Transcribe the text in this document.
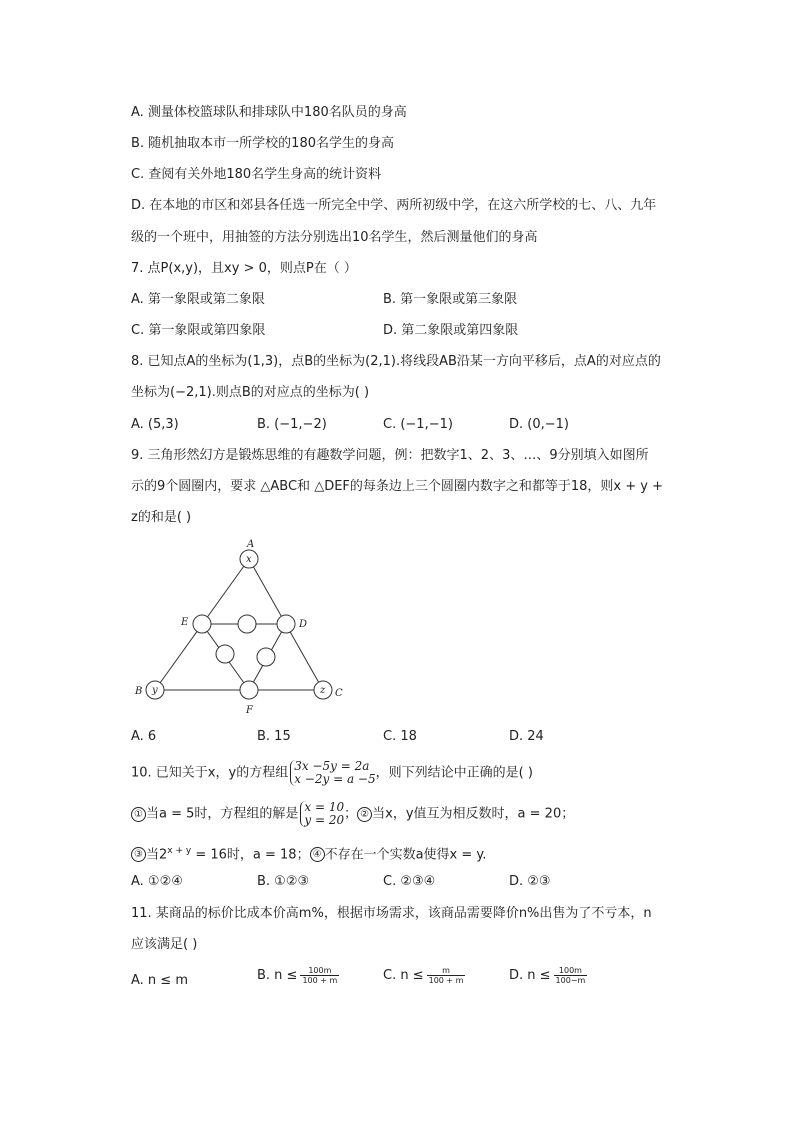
A. 测量体校篮球队和排球队中180名队员的身高
B. 随机抽取本市一所学校的180名学生的身高
C. 查阅有关外地180名学生身高的统计资料
D. 在本地的市区和郊县各任选一所完全中学、两所初级中学，在这六所学校的七、八、九年
级的一个班中，用抽签的方法分别选出10名学生，然后测量他们的身高
7. 点P(x,y)，且xy > 0，则点P在（ ）
A. 第一象限或第二象限	B. 第一象限或第三象限
C. 第一象限或第四象限	D. 第二象限或第四象限
8. 已知点A的坐标为(1,3)，点B的坐标为(2,1).将线段AB沿某一方向平移后，点A的对应点的
坐标为(−2,1).则点B的对应点的坐标为( )
A. (5,3)	B. (−1,−2)	C. (−1,−1)	D. (0,−1)
9. 三角形然幻方是锻炼思维的有趣数学问题，例：把数字1、2、3、…、9分别填入如图所
示的9个圆圈内，要求 △ABC和 △DEF的每条边上三个圆圈内数字之和都等于18，则x + y +
z的和是( )
x
y	z
A
B	C
D
E
F
A. 6	B. 15	C. 18	D. 24
10. 已知关于x，y的方程组 3x −5y = 2a
x −2y = a −5 ，则下列结论中正确的是( )
① 当a = 5时，方程组的解是 x = 10
y = 20 ； ② 当x，y值互为相反数时，a = 20；
③ 当$2^{x + y} = 16$时，a = 18； ④ 不存在一个实数a使得x = y.
A. ①②④	B. ①②③	C. ②③④	D. ②③
11. 某商品的标价比成本价高m%，根据市场需求，该商品需要降价n%出售为了不亏本，n
应该满足( )
A. n ≤ m	B. $n \le \frac{100m}{100 + m}$	C. $n \le \frac{m}{100 + m}$	D. $n \le \frac{100m}{100-m}$
